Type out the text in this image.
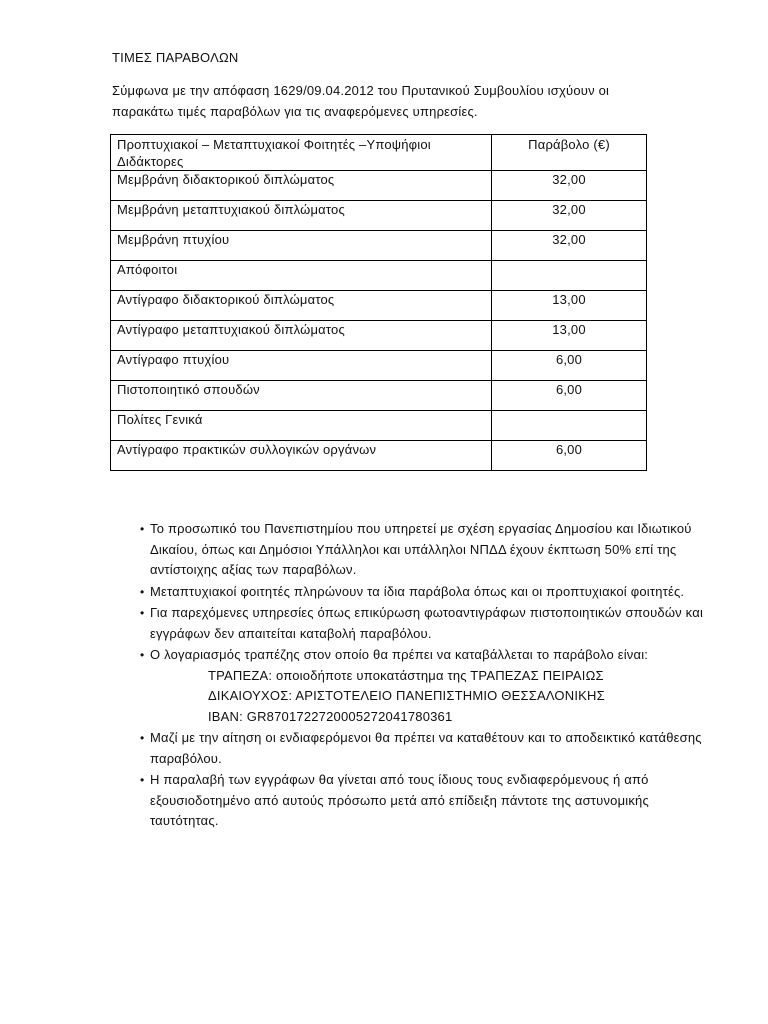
ΤΙΜΕΣ ΠΑΡΑΒΟΛΩΝ
Σύμφωνα με την απόφαση 1629/09.04.2012 του Πρυτανικού Συμβουλίου ισχύουν οι παρακάτω τιμές παραβόλων για τις αναφερόμενες υπηρεσίες.
Προπτυχιακοί – Μεταπτυχιακοί Φοιτητές –Υποψήφιοι Διδάκτορες	Παράβολο (€)
Μεμβράνη διδακτορικού διπλώματος	32,00
Μεμβράνη μεταπτυχιακού διπλώματος	32,00
Μεμβράνη πτυχίου	32,00
Απόφοιτοι	
Αντίγραφο διδακτορικού διπλώματος	13,00
Αντίγραφο μεταπτυχιακού διπλώματος	13,00
Αντίγραφο πτυχίου	6,00
Πιστοποιητικό σπουδών	6,00
Πολίτες Γενικά	
Αντίγραφο πρακτικών συλλογικών οργάνων	6,00
• Το προσωπικό του Πανεπιστημίου που υπηρετεί με σχέση εργασίας Δημοσίου και Ιδιωτικού Δικαίου, όπως και Δημόσιοι Υπάλληλοι και υπάλληλοι ΝΠΔΔ έχουν έκπτωση 50% επί της αντίστοιχης αξίας των παραβόλων.
• Μεταπτυχιακοί φοιτητές πληρώνουν τα ίδια παράβολα όπως και οι προπτυχιακοί φοιτητές.
• Για παρεχόμενες υπηρεσίες όπως επικύρωση φωτοαντιγράφων πιστοποιητικών σπουδών και εγγράφων δεν απαιτείται καταβολή παραβόλου.
• Ο λογαριασμός τραπέζης στον οποίο θα πρέπει να καταβάλλεται το παράβολο είναι:
ΤΡΑΠΕΖΑ: οποιοδήποτε υποκατάστημα της ΤΡΑΠΕΖΑΣ ΠΕΙΡΑΙΩΣ
ΔΙΚΑΙΟΥΧΟΣ: ΑΡΙΣΤΟΤΕΛΕΙΟ ΠΑΝΕΠΙΣΤΗΜΙΟ ΘΕΣΣΑΛΟΝΙΚΗΣ
IBAN: GR8701722720005272041780361
• Μαζί με την αίτηση οι ενδιαφερόμενοι θα πρέπει να καταθέτουν και το αποδεικτικό κατάθεσης παραβόλου.
• Η παραλαβή των εγγράφων θα γίνεται από τους ίδιους τους ενδιαφερόμενους ή από εξουσιοδοτημένο από αυτούς πρόσωπο μετά από επίδειξη πάντοτε της αστυνομικής ταυτότητας.
